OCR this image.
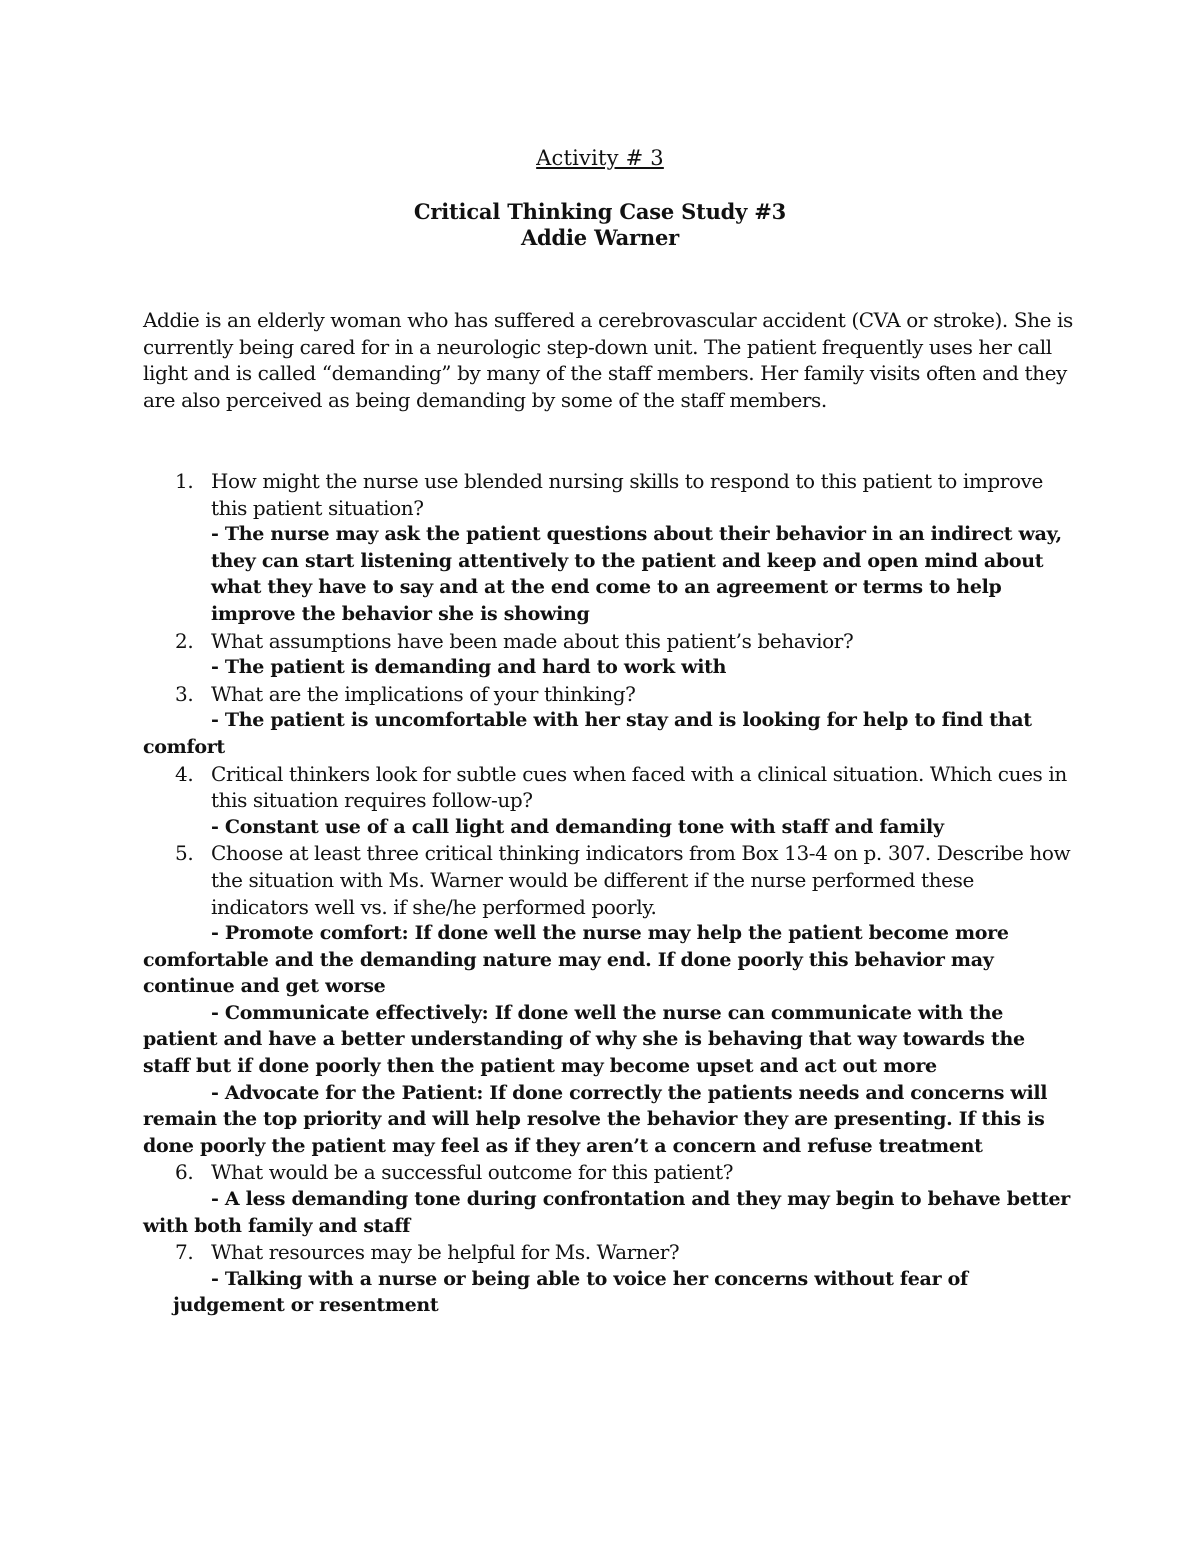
Activity # 3
Critical Thinking Case Study #3
Addie Warner

Addie is an elderly woman who has suffered a cerebrovascular accident (CVA or stroke). She is currently being cared for in a neurologic step-down unit. The patient frequently uses her call light and is called “demanding” by many of the staff members. Her family visits often and they are also perceived as being demanding by some of the staff members.

1. How might the nurse use blended nursing skills to respond to this patient to improve this patient situation?
- The nurse may ask the patient questions about their behavior in an indirect way, they can start listening attentively to the patient and keep and open mind about what they have to say and at the end come to an agreement or terms to help improve the behavior she is showing
2. What assumptions have been made about this patient’s behavior?
- The patient is demanding and hard to work with
3. What are the implications of your thinking?
- The patient is uncomfortable with her stay and is looking for help to find that comfort
4. Critical thinkers look for subtle cues when faced with a clinical situation. Which cues in this situation requires follow-up?
- Constant use of a call light and demanding tone with staff and family
5. Choose at least three critical thinking indicators from Box 13-4 on p. 307. Describe how the situation with Ms. Warner would be different if the nurse performed these indicators well vs. if she/he performed poorly.
- Promote comfort: If done well the nurse may help the patient become more comfortable and the demanding nature may end. If done poorly this behavior may continue and get worse
- Communicate effectively: If done well the nurse can communicate with the patient and have a better understanding of why she is behaving that way towards the staff but if done poorly then the patient may become upset and act out more
- Advocate for the Patient: If done correctly the patients needs and concerns will remain the top priority and will help resolve the behavior they are presenting. If this is done poorly the patient may feel as if they aren’t a concern and refuse treatment
6. What would be a successful outcome for this patient?
- A less demanding tone during confrontation and they may begin to behave better with both family and staff
7. What resources may be helpful for Ms. Warner?
- Talking with a nurse or being able to voice her concerns without fear of judgement or resentment
